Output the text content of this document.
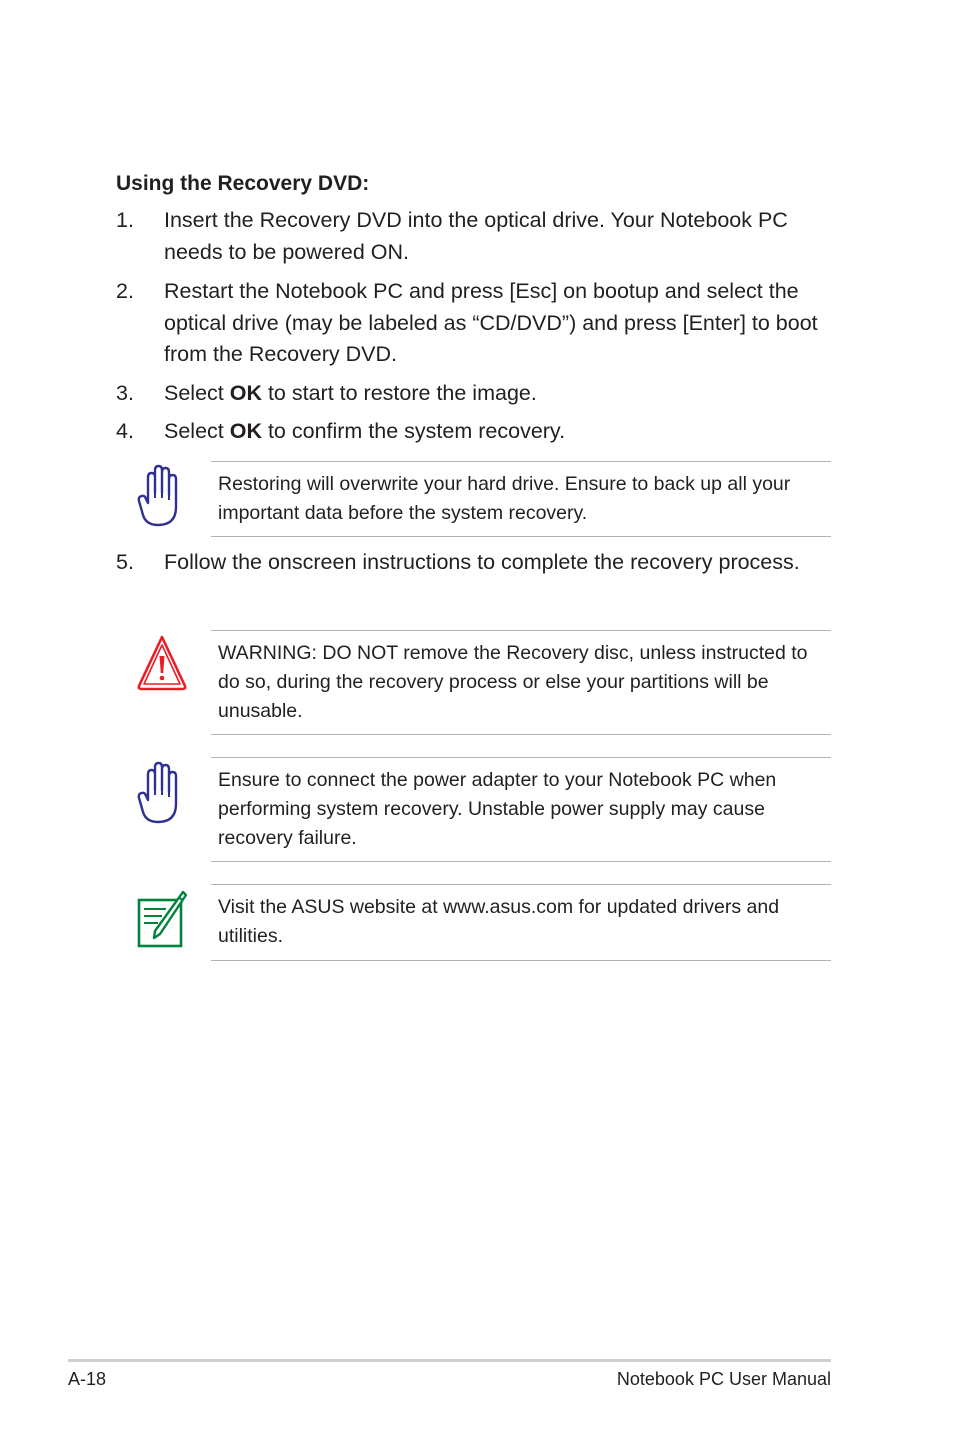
Using the Recovery DVD:
1. Insert the Recovery DVD into the optical drive. Your Notebook PC needs to be powered ON.
2. Restart the Notebook PC and press [Esc] on bootup and select the optical drive (may be labeled as “CD/DVD”) and press [Enter] to boot from the Recovery DVD.
3. Select OK to start to restore the image.
4. Select OK to confirm the system recovery.
Restoring will overwrite your hard drive. Ensure to back up all your important data before the system recovery.
5. Follow the onscreen instructions to complete the recovery process.
WARNING: DO NOT remove the Recovery disc, unless instructed to do so, during the recovery process or else your partitions will be unusable.
Ensure to connect the power adapter to your Notebook PC when performing system recovery. Unstable power supply may cause recovery failure.
Visit the ASUS website at www.asus.com for updated drivers and utilities.
A-18	Notebook PC User Manual
